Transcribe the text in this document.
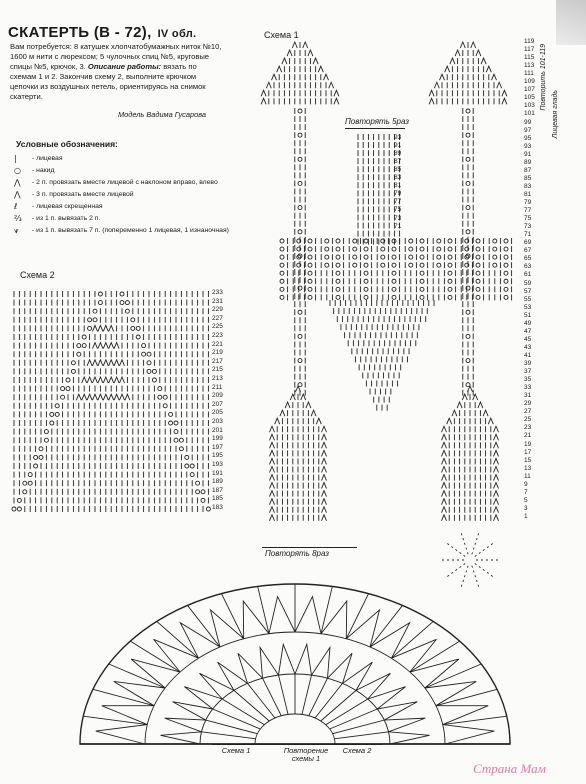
СКАТЕРТЬ (В - 72), IV обл.
Вам потребуется: 8 катушек хлопчатобумажных ниток №10, 1600 м нити с люрексом; 5 чулочных спиц №5, круговые спицы №5, крючок, 3. Описание работы: вязать по схемам 1 и 2. Закончив схему 2, выполните крючком цепочки из воздушных петель, ориентируясь на снимок скатерти.
Модель Вадима Гусарова
Условные обозначения:
|	- лицевая
○	- накид
⋀	- 2 п. провязать вместе лицевой с наклоном вправо, влево
⋀	- 3 п. провязать вместе лицевой
ℓ	- лицевая скрещенная
⅔	- из 1 п. вывязать 2 п.
⩛	- из 1 п. вывязать 7 п. (попеременно 1 лицевая, 1 изнаночная)
Схема 1
Схема 2
Повторять 5раз
Повторять 8раз
Повторить 101-119
Лицевая гладь
233
231
229
227
225
223
221
219
217
215
213
211
209
207
205
203
201
199
197
195
193
191
189
187
185
183
119
117
115
113
111
109
107
105
103
101
99
97
95
93
91
89
87
85
83
81
79
77
75
73
71
69
67
65
63
61
59
57
55
53
51
49
47
45
43
41
39
37
35
33
31
29
27
25
23
21
19
17
15
13
11
9
7
5
3
1
93
91
89
87
85
83
81
79
77
75
73
71
Схема 1	Повторение схемы 1
Схема 2
Страна Мам
